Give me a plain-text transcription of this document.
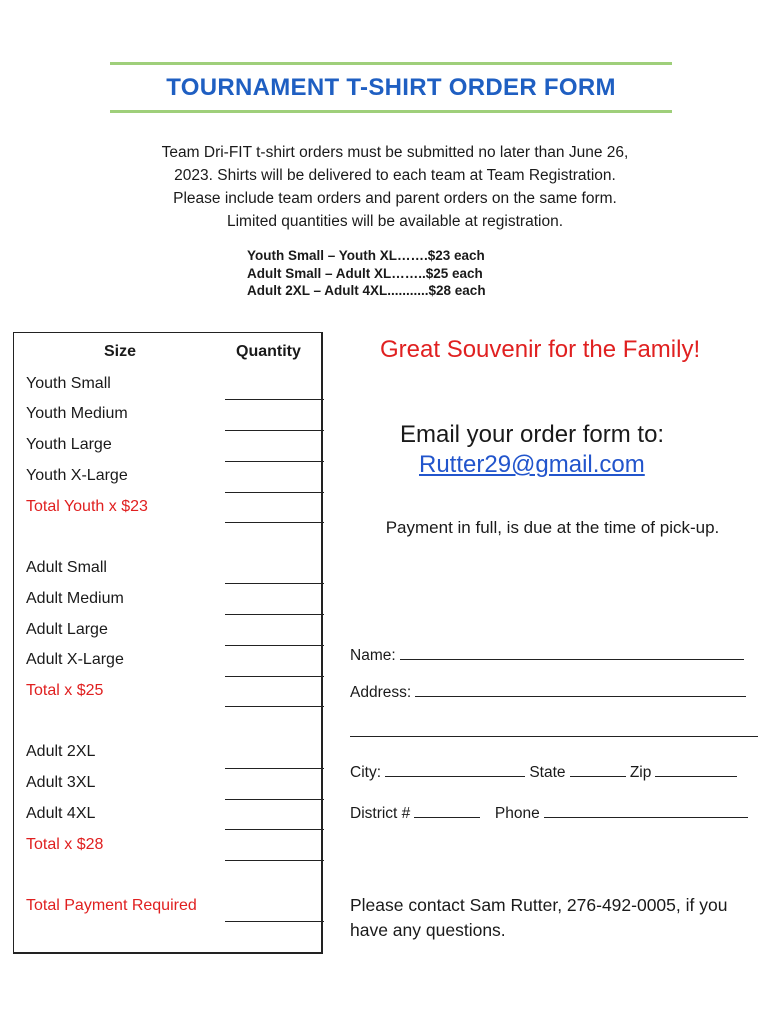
TOURNAMENT T-SHIRT ORDER FORM
Team Dri-FIT t-shirt orders must be submitted no later than June 26,
2023. Shirts will be delivered to each team at Team Registration.
Please include team orders and parent orders on the same form.
Limited quantities will be available at registration.
Youth Small – Youth XL…….$23 each
Adult Small – Adult XL……..$25 each
Adult 2XL – Adult 4XL...........$28 each
Size	Quantity
Youth Small
Youth Medium
Youth Large
Youth X-Large
Total Youth x $23
Adult Small
Adult Medium
Adult Large
Adult X-Large
Total x $25
Adult 2XL
Adult 3XL
Adult 4XL
Total x $28
Total Payment Required
Great Souvenir for the Family!
Email your order form to:
Rutter29@gmail.com
Payment in full, is due at the time of pick-up.
Name:
Address:
City:	State	Zip
District #	Phone
Please contact Sam Rutter, 276-492-0005, if you have any questions.
